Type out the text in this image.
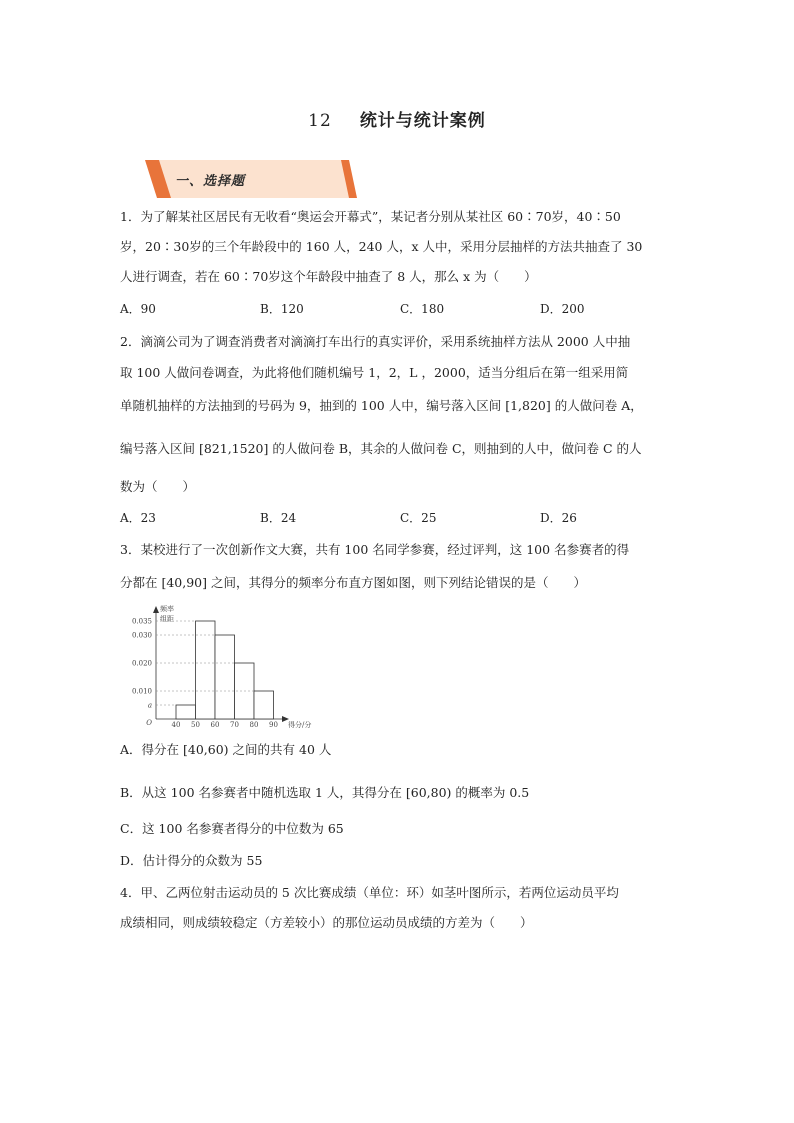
12 统计与统计案例
一、选择题
1．为了解某社区居民有无收看“奥运会开幕式”，某记者分别从某社区 60∶70岁，40∶50
岁，20∶30岁的三个年龄段中的 160 人，240 人，x 人中，采用分层抽样的方法共抽查了 30
人进行调查，若在 60∶70岁这个年龄段中抽查了 8 人，那么 x 为（　　）
A．90	B．120	C．180	D．200
2．滴滴公司为了调查消费者对滴滴打车出行的真实评价，采用系统抽样方法从 2000 人中抽
取 100 人做问卷调查，为此将他们随机编号 1，2，L ，2000，适当分组后在第一组采用简
单随机抽样的方法抽到的号码为 9，抽到的 100 人中，编号落入区间 [1,820] 的人做问卷 A，
编号落入区间 [821,1520] 的人做问卷 B，其余的人做问卷 C，则抽到的人中，做问卷 C 的人
数为（　　）
A．23	B．24	C．25	D．26
3．某校进行了一次创新作文大赛，共有 100 名同学参赛，经过评判，这 100 名参赛者的得
分都在 [40,90] 之间，其得分的频率分布直方图如图，则下列结论错误的是（　　）
频率
组距
得分/分
0.035
0.030
0.020
0.010
a
O	40 50 60 70 80 90
A．得分在 [40,60) 之间的共有 40 人
B．从这 100 名参赛者中随机选取 1 人，其得分在 [60,80) 的概率为 0.5
C．这 100 名参赛者得分的中位数为 65
D．估计得分的众数为 55
4．甲、乙两位射击运动员的 5 次比赛成绩（单位：环）如茎叶图所示，若两位运动员平均
成绩相同，则成绩较稳定（方差较小）的那位运动员成绩的方差为（　　）
